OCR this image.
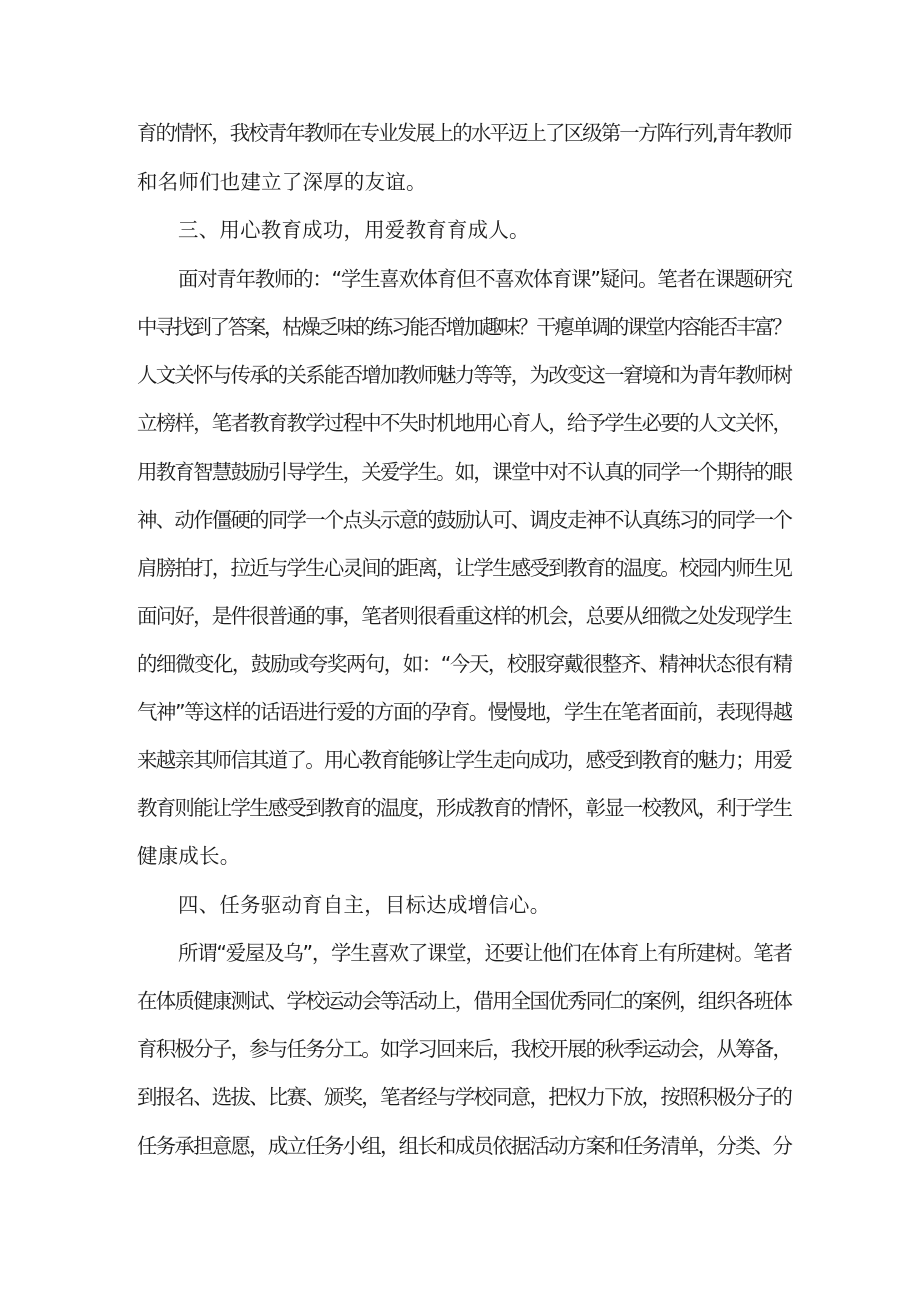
育的情怀，我校青年教师在专业发展上的水平迈上了区级第一方阵行列,青年教师
和名师们也建立了深厚的友谊。
三、用心教育成功，用爱教育育成人。
面对青年教师的：“学生喜欢体育但不喜欢体育课”疑问。笔者在课题研究
中寻找到了答案，枯燥乏味的练习能否增加趣味？干瘪单调的课堂内容能否丰富？
人文关怀与传承的关系能否增加教师魅力等等，为改变这一窘境和为青年教师树
立榜样，笔者教育教学过程中不失时机地用心育人，给予学生必要的人文关怀，
用教育智慧鼓励引导学生，关爱学生。如，课堂中对不认真的同学一个期待的眼
神、动作僵硬的同学一个点头示意的鼓励认可、调皮走神不认真练习的同学一个
肩膀拍打，拉近与学生心灵间的距离，让学生感受到教育的温度。校园内师生见
面问好，是件很普通的事，笔者则很看重这样的机会，总要从细微之处发现学生
的细微变化，鼓励或夸奖两句，如：“今天，校服穿戴很整齐、精神状态很有精
气神”等这样的话语进行爱的方面的孕育。慢慢地，学生在笔者面前，表现得越
来越亲其师信其道了。用心教育能够让学生走向成功，感受到教育的魅力；用爱
教育则能让学生感受到教育的温度，形成教育的情怀，彰显一校教风，利于学生
健康成长。
四、任务驱动育自主，目标达成增信心。
所谓“爱屋及乌”，学生喜欢了课堂，还要让他们在体育上有所建树。笔者
在体质健康测试、学校运动会等活动上，借用全国优秀同仁的案例，组织各班体
育积极分子，参与任务分工。如学习回来后，我校开展的秋季运动会，从筹备，
到报名、选拔、比赛、颁奖，笔者经与学校同意，把权力下放，按照积极分子的
任务承担意愿，成立任务小组，组长和成员依据活动方案和任务清单，分类、分
